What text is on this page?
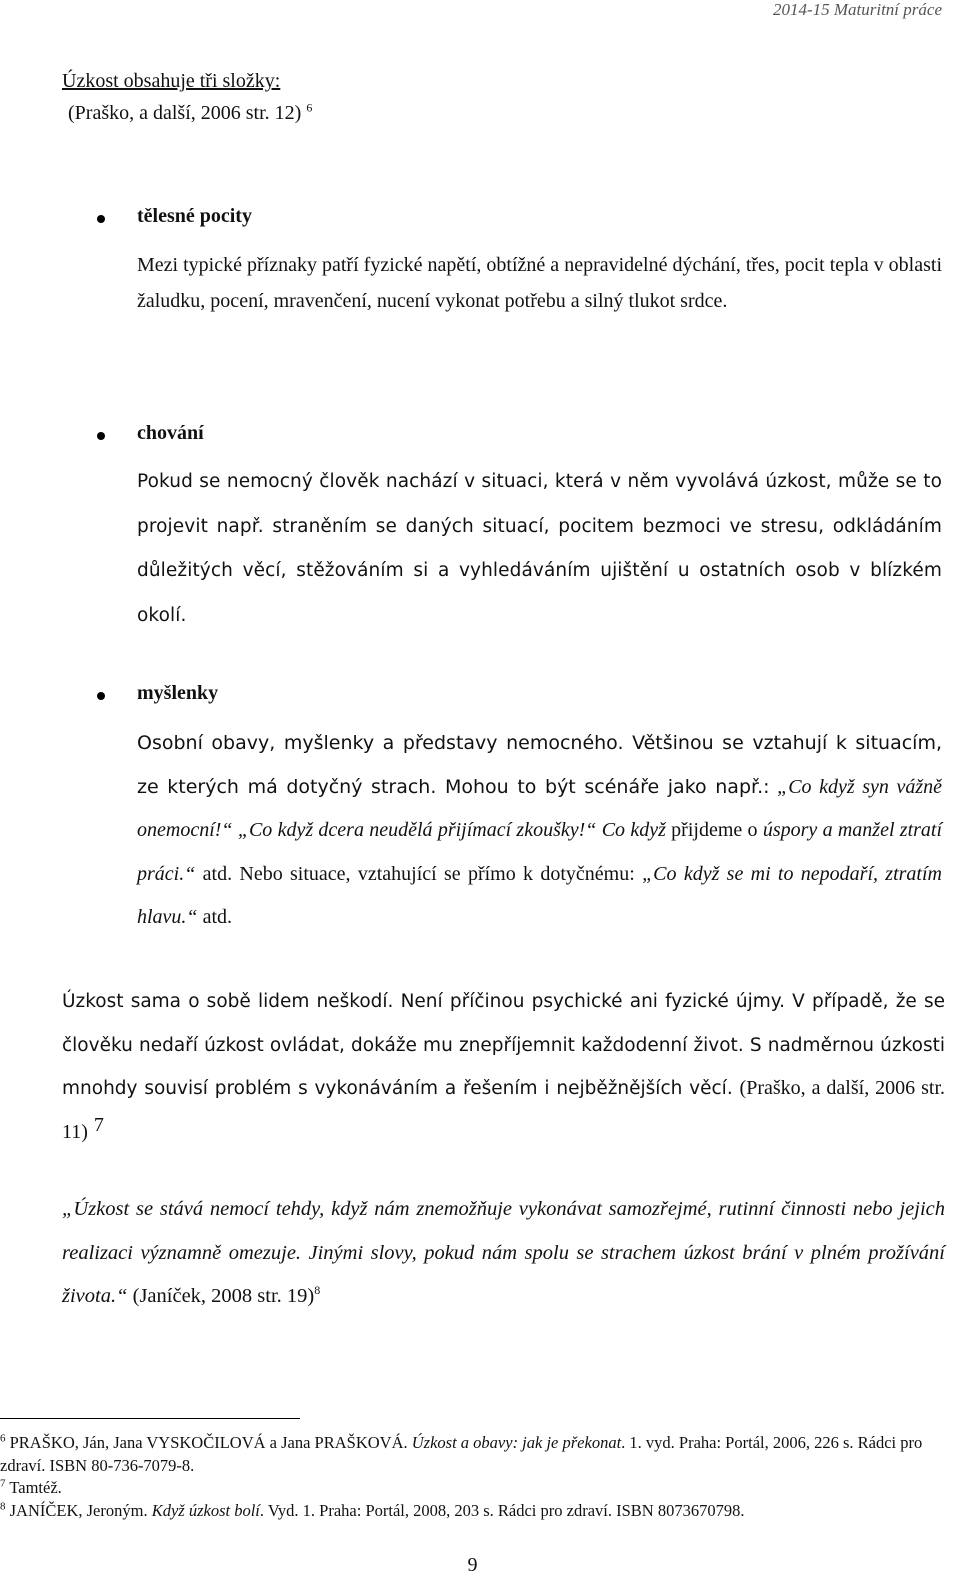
2014-15 Maturitní práce
Úzkost obsahuje tři složky:
(Praško, a další, 2006 str. 12) $^6$
tělesné pocity
Mezi typické příznaky patří fyzické napětí, obtížné a nepravidelné dýchání, třes, pocit tepla v oblasti žaludku, pocení, mravenčení, nucení vykonat potřebu a silný tlukot srdce.
chování
Pokud se nemocný člověk nachází v situaci, která v něm vyvolává úzkost, může se to projevit např. straněním se daných situací, pocitem bezmoci ve stresu, odkládáním důležitých věcí, stěžováním si a vyhledáváním ujištění u ostatních osob v blízkém okolí.
myšlenky
Osobní obavy, myšlenky a představy nemocného. Většinou se vztahují k situacím, ze kterých má dotyčný strach. Mohou to být scénáře jako např.: „Co když syn vážně onemocní!“ „Co když dcera neudělá přijímací zkoušky!“ Co když přijdeme o úspory a manžel ztratí práci.“ atd. Nebo situace, vztahující se přímo k dotyčnému: „Co když se mi to nepodaří, ztratím hlavu.“ atd.
Úzkost sama o sobě lidem neškodí. Není příčinou psychické ani fyzické újmy. V případě, že se člověku nedaří úzkost ovládat, dokáže mu znepříjemnit každodenní život. S nadměrnou úzkosti mnohdy souvisí problém s vykonáváním a řešením i nejběžnějších věcí. (Praško, a další, 2006 str. 11) $^7$
„Úzkost se stává nemocí tehdy, když nám znemožňuje vykonávat samozřejmé, rutinní činnosti nebo jejich realizaci významně omezuje. Jinými slovy, pokud nám spolu se strachem úzkost brání v plném prožívání života.“ (Janíček, 2008 str. 19)$^8$
$^6$ PRAŠKO, Ján, Jana VYSKOČILOVÁ a Jana PRAŠKOVÁ. Úzkost a obavy: jak je překonat. 1. vyd. Praha: Portál, 2006, 226 s. Rádci pro zdraví. ISBN 80-736-7079-8.
$^7$ Tamtéž.
$^8$ JANÍČEK, Jeroným. Když úzkost bolí. Vyd. 1. Praha: Portál, 2008, 203 s. Rádci pro zdraví. ISBN 8073670798.
9
